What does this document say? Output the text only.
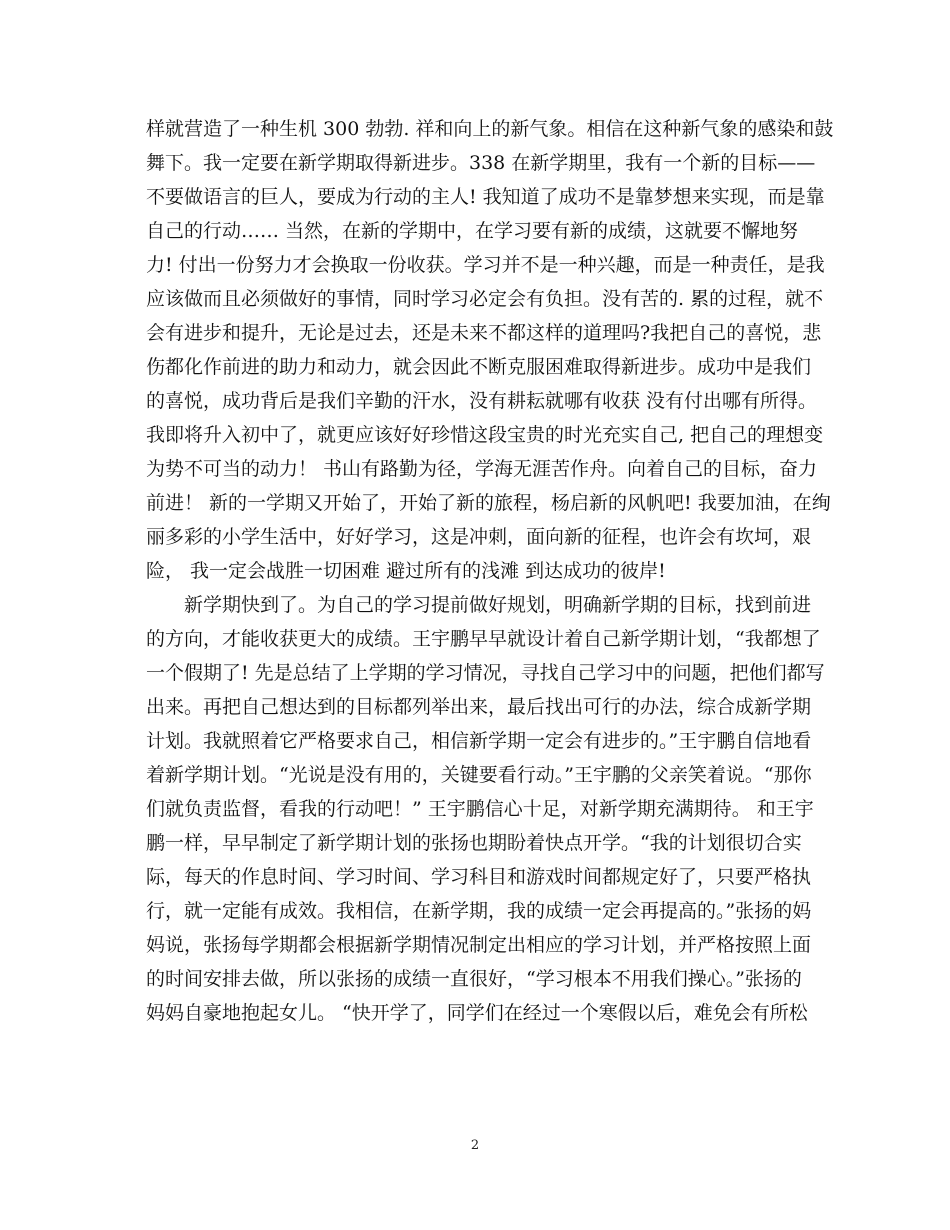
样就营造了一种生机 300 勃勃. 祥和向上的新气象。相信在这种新气象的感染和鼓
舞下。我一定要在新学期取得新进步。338 在新学期里，我有一个新的目标——
不要做语言的巨人，要成为行动的主人! 我知道了成功不是靠梦想来实现，而是靠
自己的行动…… 当然，在新的学期中，在学习要有新的成绩，这就要不懈地努
力! 付出一份努力才会换取一份收获。学习并不是一种兴趣，而是一种责任，是我
应该做而且必须做好的事情，同时学习必定会有负担。没有苦的. 累的过程，就不
会有进步和提升，无论是过去，还是未来不都这样的道理吗?我把自己的喜悦，悲
伤都化作前进的助力和动力，就会因此不断克服困难取得新进步。成功中是我们
的喜悦，成功背后是我们辛勤的汗水，没有耕耘就哪有收获 没有付出哪有所得。
我即将升入初中了，就更应该好好珍惜这段宝贵的时光充实自己, 把自己的理想变
为势不可当的动力！ 书山有路勤为径，学海无涯苦作舟。向着自己的目标，奋力
前进！ 新的一学期又开始了，开始了新的旅程，杨启新的风帆吧! 我要加油，在绚
丽多彩的小学生活中，好好学习，这是冲刺，面向新的征程，也许会有坎坷，艰
险， 我一定会战胜一切困难 避过所有的浅滩 到达成功的彼岸!
新学期快到了。为自己的学习提前做好规划，明确新学期的目标，找到前进
的方向，才能收获更大的成绩。王宇鹏早早就设计着自己新学期计划，“我都想了
一个假期了! 先是总结了上学期的学习情况，寻找自己学习中的问题，把他们都写
出来。再把自己想达到的目标都列举出来，最后找出可行的办法，综合成新学期
计划。我就照着它严格要求自己，相信新学期一定会有进步的。”王宇鹏自信地看
着新学期计划。“光说是没有用的，关键要看行动。”王宇鹏的父亲笑着说。“那你
们就负责监督，看我的行动吧！” 王宇鹏信心十足，对新学期充满期待。 和王宇
鹏一样，早早制定了新学期计划的张扬也期盼着快点开学。“我的计划很切合实
际，每天的作息时间、学习时间、学习科目和游戏时间都规定好了，只要严格执
行，就一定能有成效。我相信，在新学期，我的成绩一定会再提高的。”张扬的妈
妈说，张扬每学期都会根据新学期情况制定出相应的学习计划，并严格按照上面
的时间安排去做，所以张扬的成绩一直很好，“学习根本不用我们操心。”张扬的
妈妈自豪地抱起女儿。 “快开学了，同学们在经过一个寒假以后，难免会有所松
2
